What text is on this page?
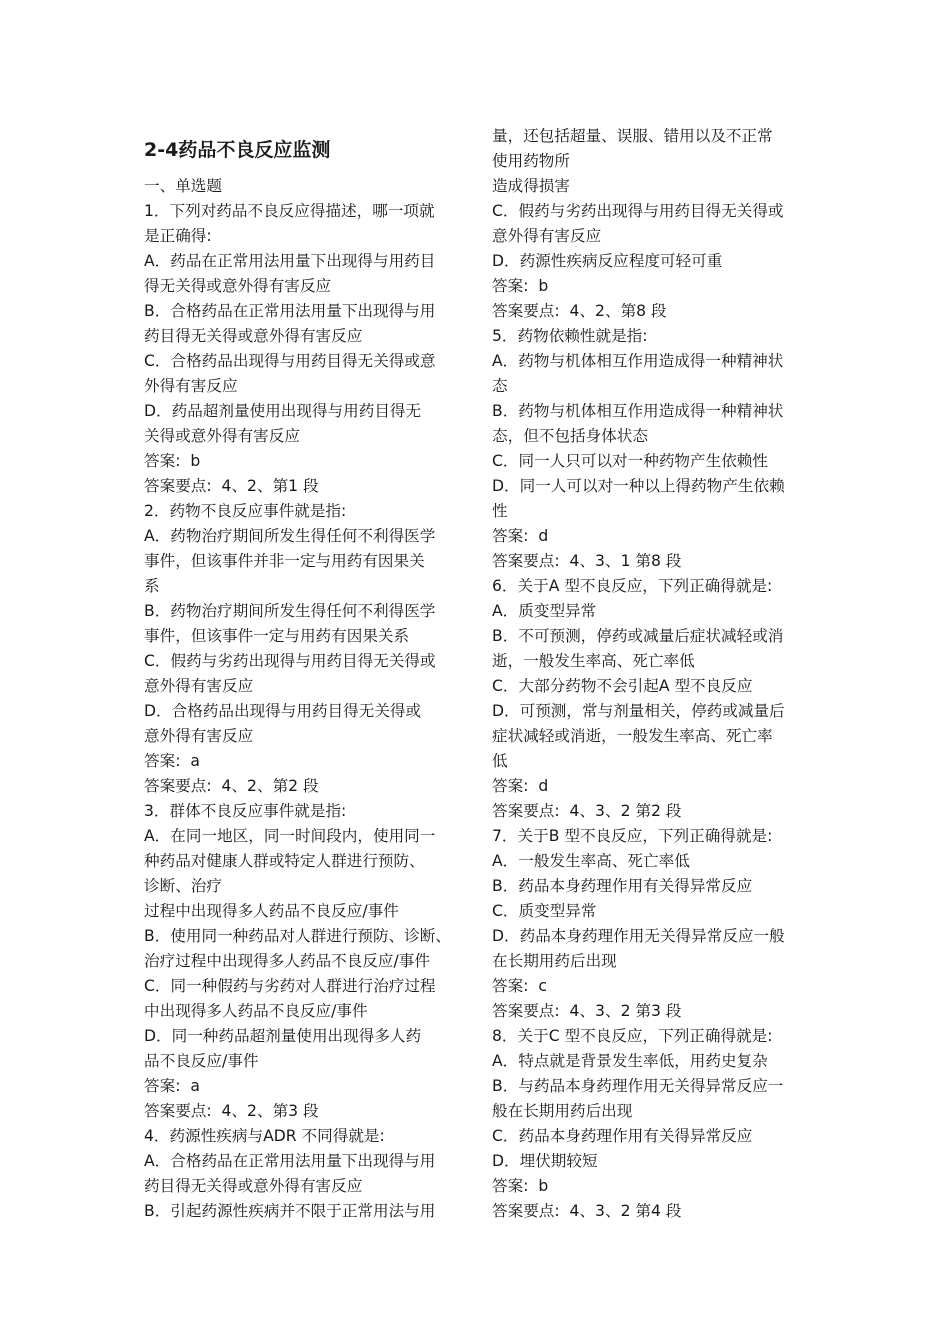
2-4药品不良反应监测
一、单选题
1．下列对药品不良反应得描述，哪一项就
是正确得:
A．药品在正常用法用量下出现得与用药目
得无关得或意外得有害反应
B．合格药品在正常用法用量下出现得与用
药目得无关得或意外得有害反应
C．合格药品出现得与用药目得无关得或意
外得有害反应
D．药品超剂量使用出现得与用药目得无
关得或意外得有害反应
答案:  b
答案要点:  4、2、第1 段
2．药物不良反应事件就是指:
A．药物治疗期间所发生得任何不利得医学
事件，但该事件并非一定与用药有因果关
系
B．药物治疗期间所发生得任何不利得医学
事件，但该事件一定与用药有因果关系
C．假药与劣药出现得与用药目得无关得或
意外得有害反应
D．合格药品出现得与用药目得无关得或
意外得有害反应
答案:  a
答案要点:  4、2、第2 段
3．群体不良反应事件就是指:
A．在同一地区，同一时间段内，使用同一
种药品对健康人群或特定人群进行预防、
诊断、治疗
过程中出现得多人药品不良反应/事件
B．使用同一种药品对人群进行预防、诊断、
治疗过程中出现得多人药品不良反应/事件
C．同一种假药与劣药对人群进行治疗过程
中出现得多人药品不良反应/事件
D．同一种药品超剂量使用出现得多人药
品不良反应/事件
答案:  a
答案要点:  4、2、第3 段
4．药源性疾病与ADR 不同得就是:
A．合格药品在正常用法用量下出现得与用
药目得无关得或意外得有害反应
B．引起药源性疾病并不限于正常用法与用
量，还包括超量、误服、错用以及不正常
使用药物所
造成得损害
C．假药与劣药出现得与用药目得无关得或
意外得有害反应
D．药源性疾病反应程度可轻可重
答案:  b
答案要点:  4、2、第8 段
5．药物依赖性就是指:
A．药物与机体相互作用造成得一种精神状
态
B．药物与机体相互作用造成得一种精神状
态，但不包括身体状态
C．同一人只可以对一种药物产生依赖性
D．同一人可以对一种以上得药物产生依赖
性
答案:  d
答案要点:  4、3、1 第8 段
6．关于A 型不良反应，下列正确得就是:
A．质变型异常
B．不可预测，停药或减量后症状减轻或消
逝，一般发生率高、死亡率低
C．大部分药物不会引起A 型不良反应
D．可预测，常与剂量相关，停药或减量后
症状减轻或消逝，一般发生率高、死亡率
低
答案:  d
答案要点:  4、3、2 第2 段
7．关于B 型不良反应，下列正确得就是:
A．一般发生率高、死亡率低
B．药品本身药理作用有关得异常反应
C．质变型异常
D．药品本身药理作用无关得异常反应一般
在长期用药后出现
答案:  c
答案要点:  4、3、2 第3 段
8．关于C 型不良反应，下列正确得就是:
A．特点就是背景发生率低，用药史复杂
B．与药品本身药理作用无关得异常反应一
般在长期用药后出现
C．药品本身药理作用有关得异常反应
D．埋伏期较短
答案:  b
答案要点:  4、3、2 第4 段
